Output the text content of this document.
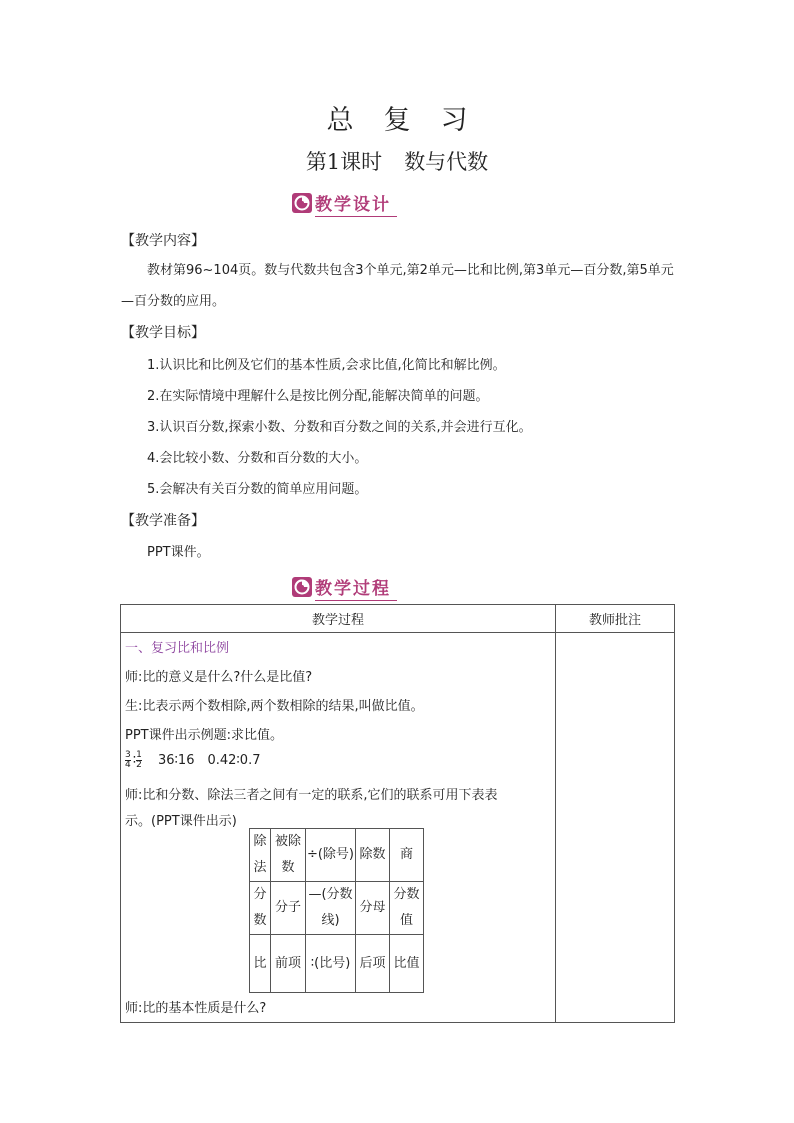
总复习
第1课时 数与代数
教学设计
【教学内容】
教材第96~104页。数与代数共包含3个单元,第2单元—比和比例,第3单元—百分数,第5单元—百分数的应用。
【教学目标】
1.认识比和比例及它们的基本性质,会求比值,化简比和解比例。
2.在实际情境中理解什么是按比例分配,能解决简单的问题。
3.认识百分数,探索小数、分数和百分数之间的关系,并会进行互化。
4.会比较小数、分数和百分数的大小。
5.会解决有关百分数的简单应用问题。
【教学准备】
PPT课件。
教学过程
教学过程	教师批注

一、复习比和比例
师:比的意义是什么?什么是比值?
生:比表示两个数相除,两个数相除的结果,叫做比值。
PPT课件出示例题:求比值。
$\frac{3}{4}$ ∶ $\frac{1}{2}$ 36∶16　0.42∶0.7
师:比和分数、除法三者之间有一定的联系,它们的联系可用下表表
示。(PPT课件出示)
除法	被除数	÷(除号)	除数	商
分数	分子	—(分数线)	分母	分数值
比	前项	∶(比号)	后项	比值
师:比的基本性质是什么?
